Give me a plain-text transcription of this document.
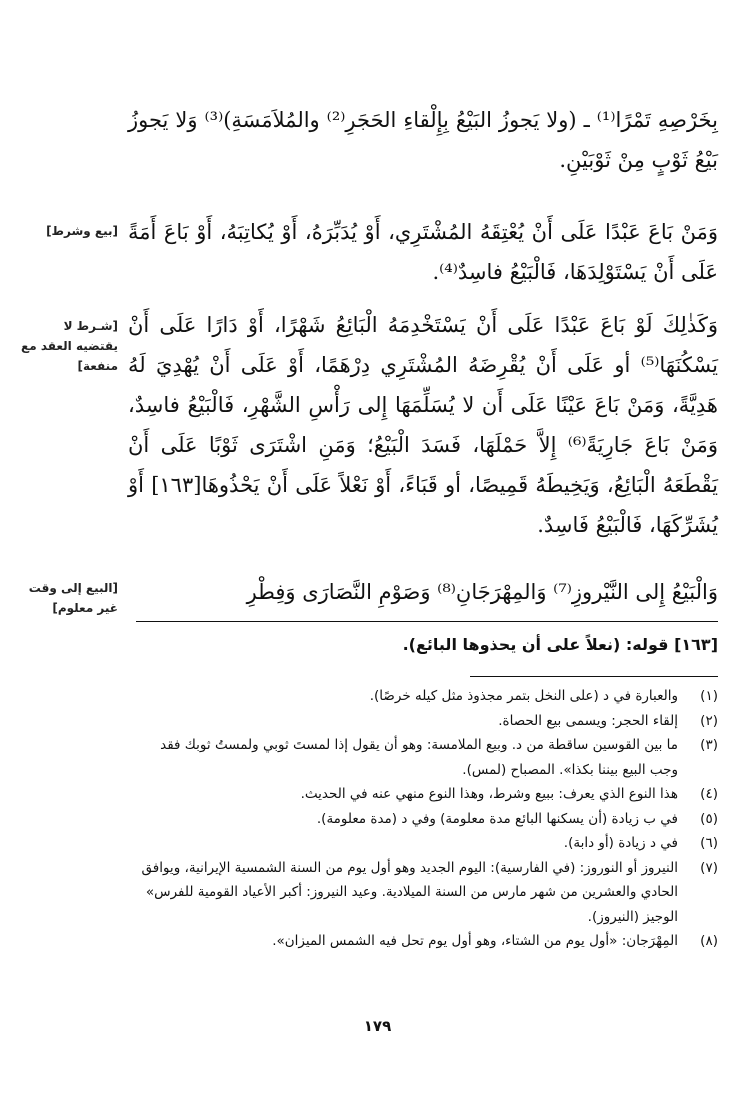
بِخَرْصِهِ تَمْرًا⁽¹⁾ ـ (ولا يَجوزُ البَيْعُ بِإِلْقاءِ الحَجَرِ⁽²⁾ والمُلاَمَسَةِ)⁽³⁾ وَلا يَجوزُ بَيْعُ ثَوْبٍ مِنْ ثَوْبَيْنِ.
[بيع وشرط] وَمَنْ بَاعَ عَبْدًا عَلَى أَنْ يُعْتِقَهُ المُشْتَرِي، أَوْ يُدَبِّرَهُ، أَوْ يُكاتِبَهُ، أَوْ بَاعَ أَمَةً عَلَى أَنْ يَسْتَوْلِدَهَا، فَالْبَيْعُ فاسِدٌ⁽⁴⁾.
[شـرط لا يقتضيه العقد مع منفعة]
وَكَذٰلِكَ لَوْ بَاعَ عَبْدًا عَلَى أَنْ يَسْتَخْدِمَهُ الْبَائِعُ شَهْرًا، أَوْ دَارًا عَلَى أَنْ يَسْكُنَهَا⁽⁵⁾ أو عَلَى أَنْ يُقْرِضَهُ المُشْتَرِي دِرْهَمًا، أَوْ عَلَى أَنْ يُهْدِيَ لَهُ هَدِيَّةً، وَمَنْ بَاعَ عَيْنًا عَلَى أَن لا يُسَلِّمَهَا إِلى رَأْسِ الشَّهْرِ، فَالْبَيْعُ فاسِدٌ، وَمَنْ بَاعَ جَارِيَةً⁽⁶⁾ إِلاَّ حَمْلَهَا، فَسَدَ الْبَيْعُ؛ وَمَنِ اشْتَرَى ثَوْبًا عَلَى أَنْ يَقْطَعَهُ الْبَائِعُ، وَيَخِيطَهُ قَمِيصًا، أو قَبَاءً، أَوْ نَعْلاً عَلَى أَنْ يَحْذُوهَا[١٦٣] أَوْ يُشَرِّكَهَا، فَالْبَيْعُ فَاسِدٌ.
[البيع إلى وقت غير معلوم]
وَالْبَيْعُ إِلى النَّيْروزِ⁽⁷⁾ وَالمِهْرَجَانِ⁽⁸⁾ وَصَوْمِ النَّصَارَى وَفِطْرِ
[١٦٣] قوله: (نعلاً على أن يحذوها البائع).
(١)
والعبارة في د (على النخل بتمر مجذوذ مثل كيله خرصًا).
(٢)
إلقاء الحجر: ويسمى بيع الحصاة.
(٣)
ما بين القوسين ساقطة من د. وبيع الملامسة: وهو أن يقول إذا لمستَ ثوبي ولمستُ ثوبك فقد وجب البيع بيننا بكذا». المصباح (لمس).
(٤)
هذا النوع الذي يعرف: ببيع وشرط، وهذا النوع منهي عنه في الحديث.
(٥)
في ب زيادة (أن يسكنها البائع مدة معلومة) وفي د (مدة معلومة).
(٦)
في د زيادة (أو دابة).
(٧)
النيروز أو النوروز: (في الفارسية): اليوم الجديد وهو أول يوم من السنة الشمسية الإيرانية، ويوافق الحادي والعشرين من شهر مارس من السنة الميلادية. وعيد النيروز: أكبر الأعياد القومية للفرس» الوجيز (النيروز).
(٨)
المِهْرَجان: «أول يوم من الشتاء، وهو أول يوم تحل فيه الشمس الميزان».
١٧٩
